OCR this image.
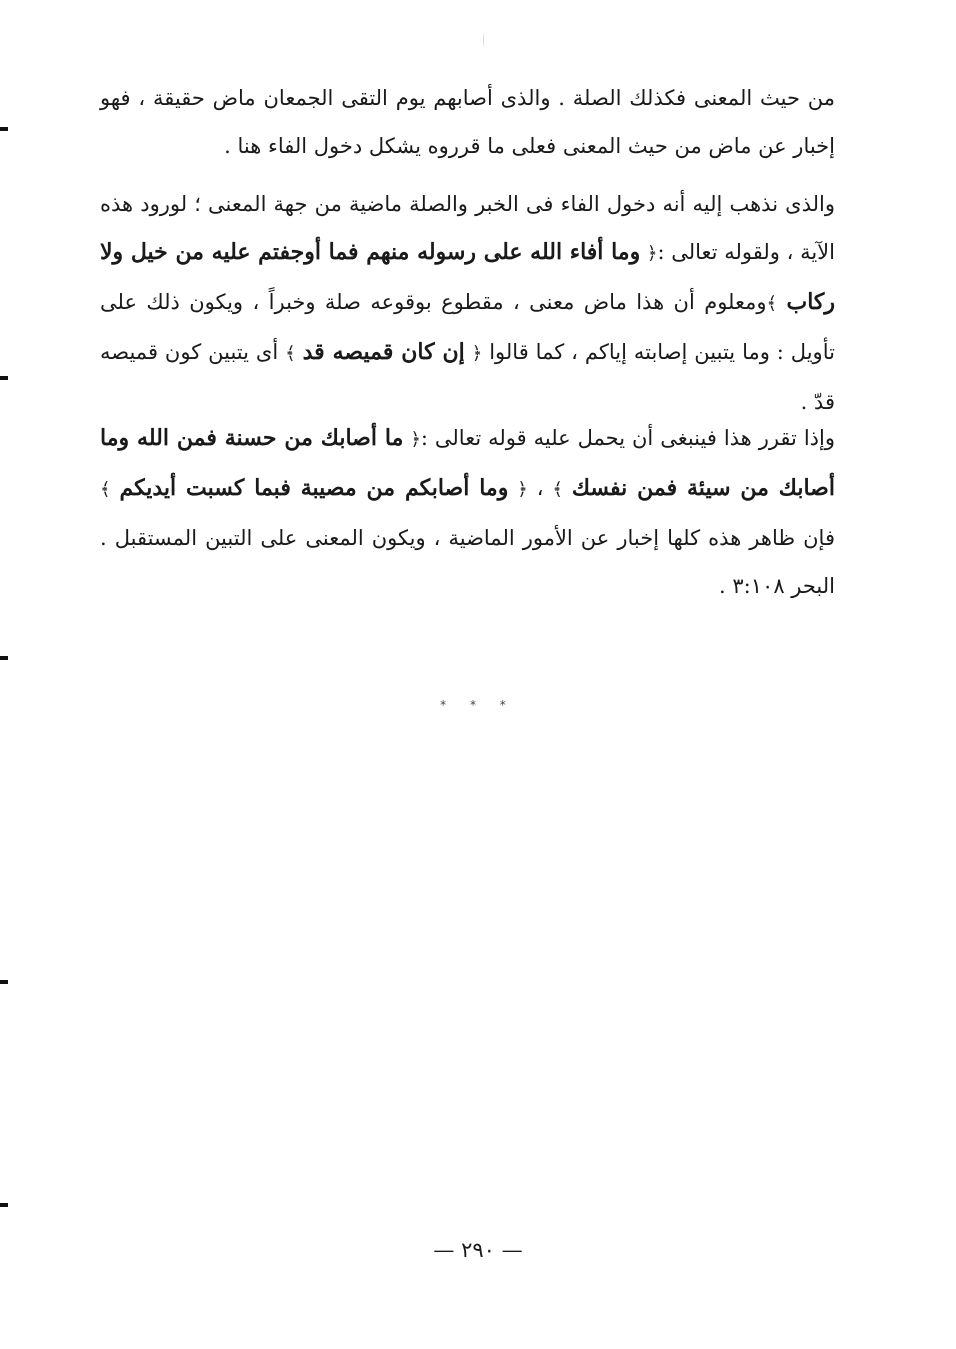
من حيث المعنى فكذلك الصلة . والذى أصابهم يوم التقى الجمعان ماض حقيقة ، فهو إخبار عن ماض من حيث المعنى فعلى ما قرروه يشكل دخول الفاء هنا .

والذى نذهب إليه أنه دخول الفاء فى الخبر والصلة ماضية من جهة المعنى ؛ لورود هذه الآية ، ولقوله تعالى :﴿ وما أفاء الله على رسوله منهم فما أوجفتم عليه من خيل ولا ركاب ﴾ومعلوم أن هذا ماض معنى ، مقطوع بوقوعه صلة وخبراً ، ويكون ذلك على تأويل : وما يتبين إصابته إياكم ، كما قالوا ﴿ إن كان قميصه قد ﴾ أى يتبين كون قميصه قدّ .

وإذا تقرر هذا فينبغى أن يحمل عليه قوله تعالى :﴿ ما أصابك من حسنة فمن الله وما أصابك من سيئة فمن نفسك ﴾ ، ﴿ وما أصابكم من مصيبة فبما كسبت أيديكم ﴾ فإن ظاهر هذه كلها إخبار عن الأمور الماضية ، ويكون المعنى على التبين المستقبل . البحر ٣:١٠٨ .

* * *
— ٢٩٠ —
